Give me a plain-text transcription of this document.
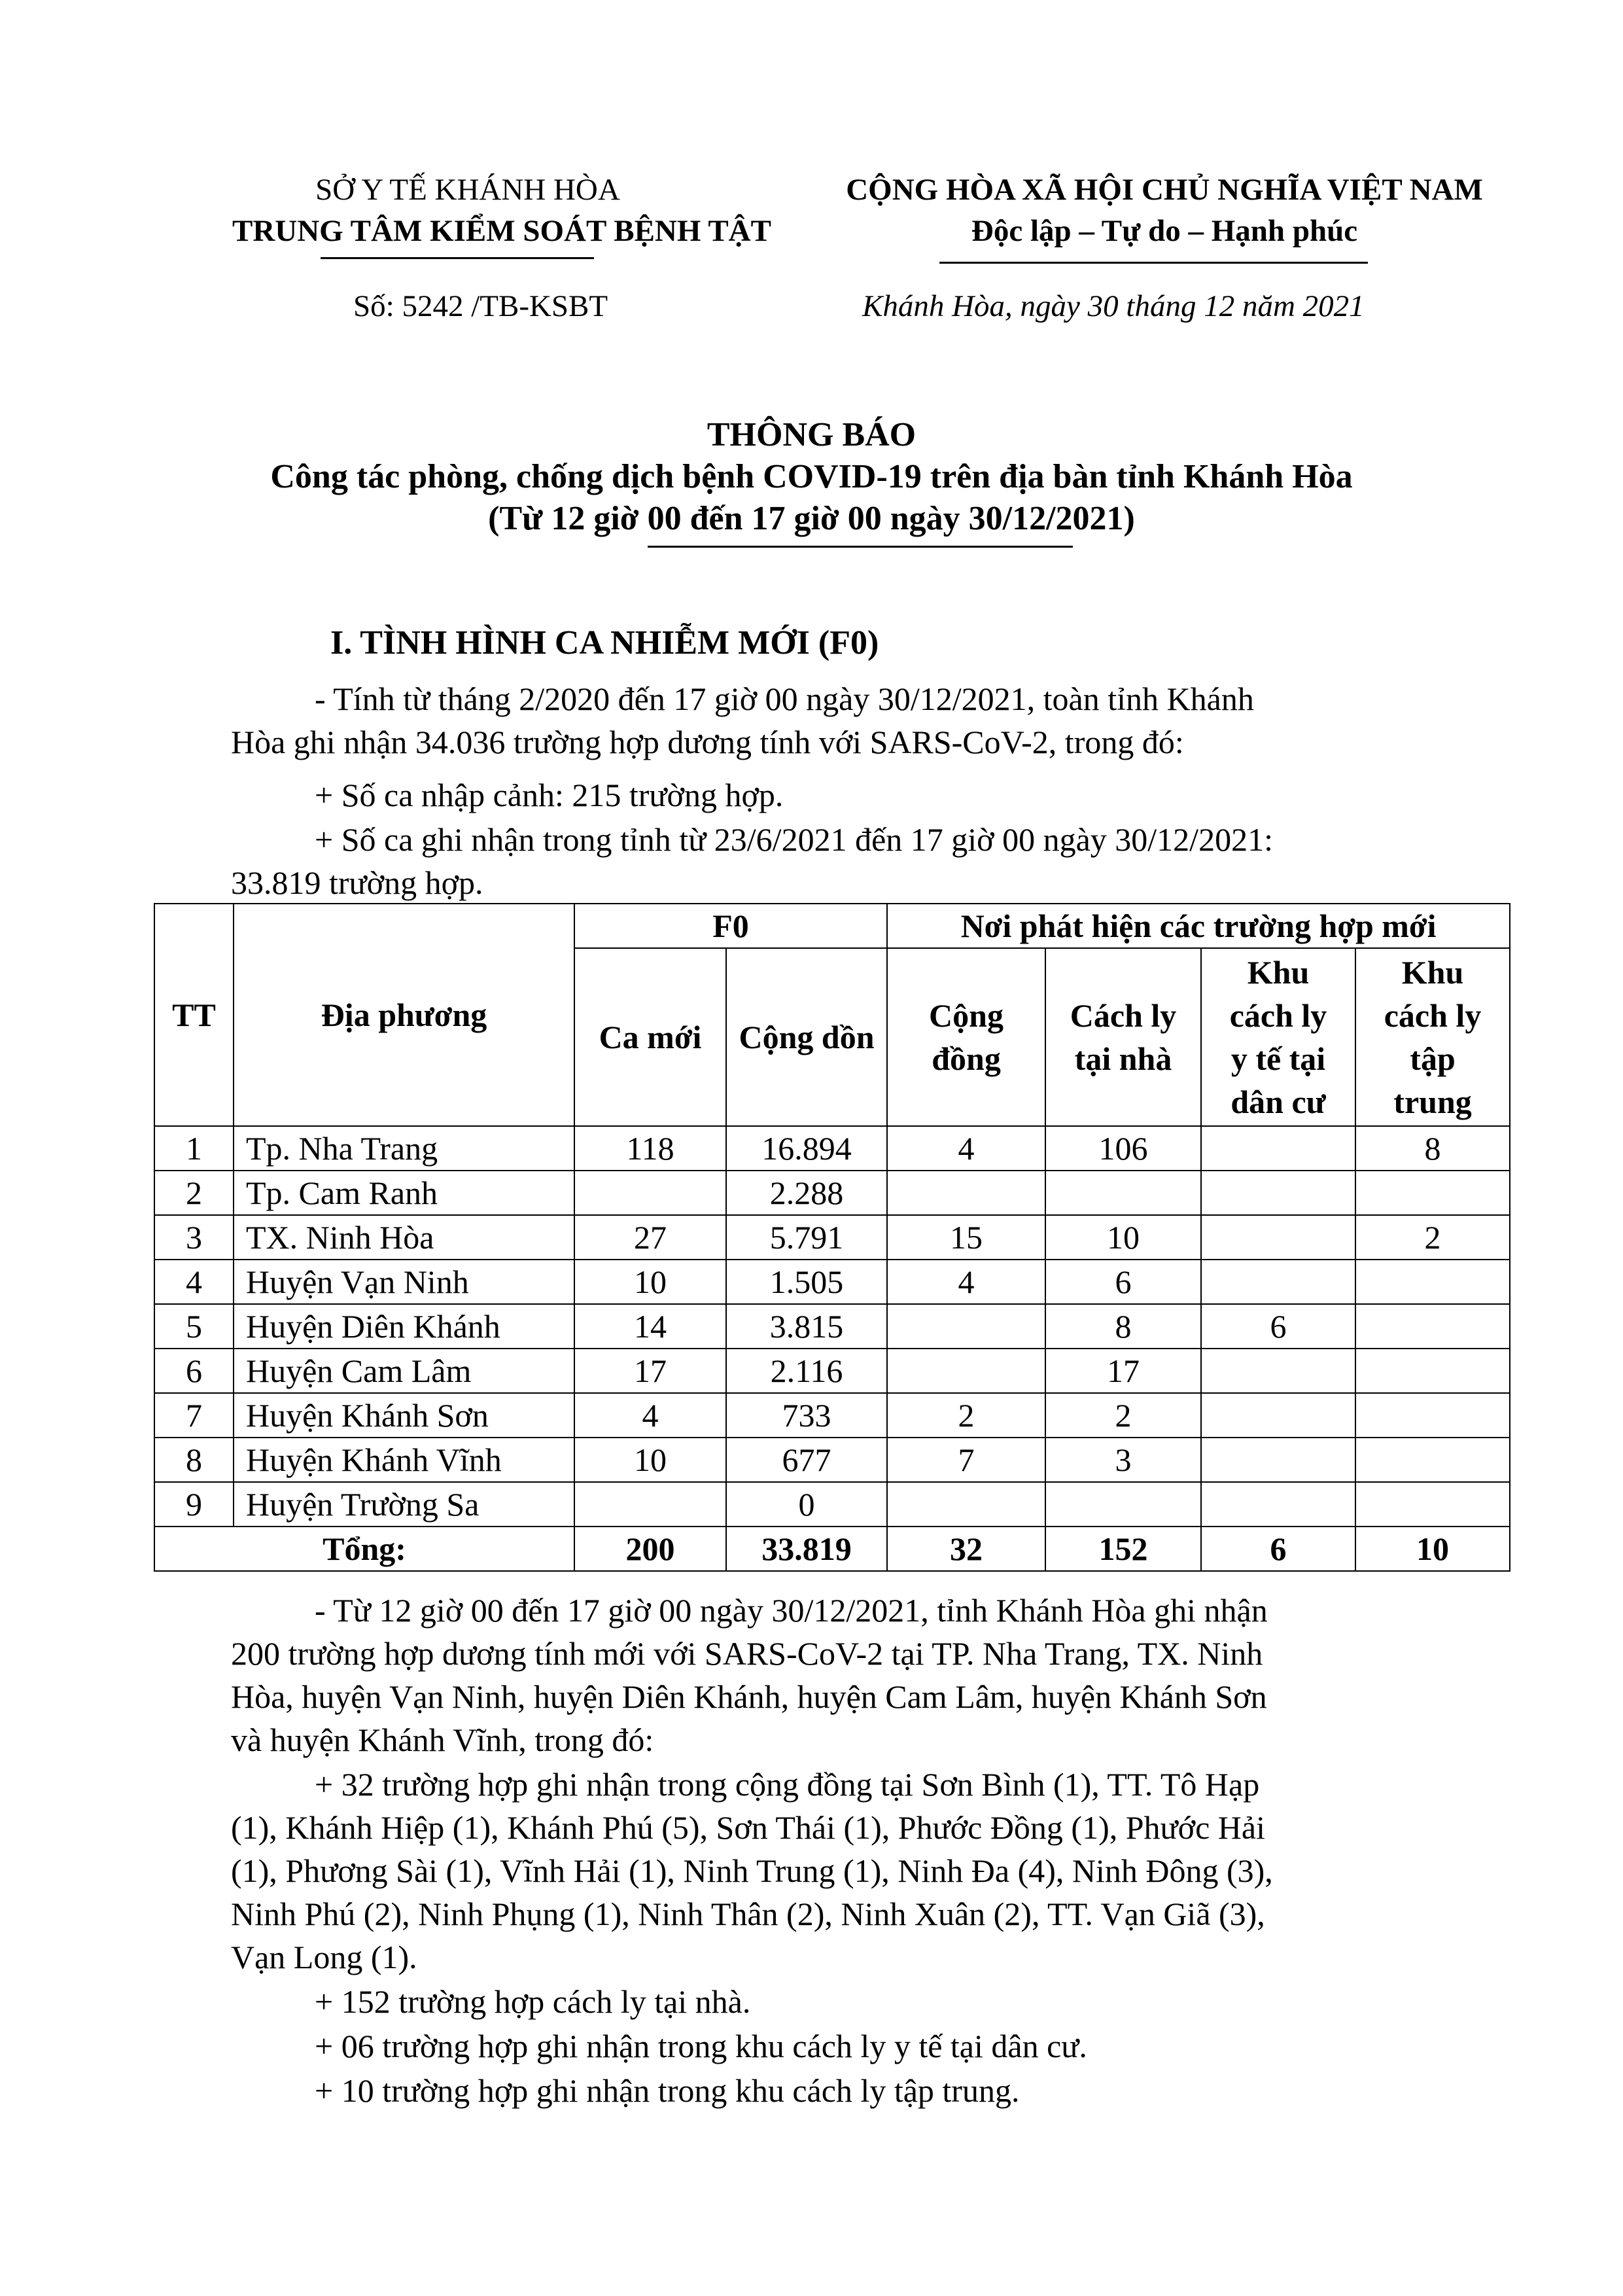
SỞ Y TẾ KHÁNH HÒA
TRUNG TÂM KIỂM SOÁT BỆNH TẬT
CỘNG HÒA XÃ HỘI CHỦ NGHĨA VIỆT NAM
Độc lập – Tự do – Hạnh phúc
Số: 5242 /TB-KSBT	Khánh Hòa, ngày 30 tháng 12 năm 2021
THÔNG BÁO
Công tác phòng, chống dịch bệnh COVID-19 trên địa bàn tỉnh Khánh Hòa
(Từ 12 giờ 00 đến 17 giờ 00 ngày 30/12/2021)
I. TÌNH HÌNH CA NHIỄM MỚI (F0)
- Tính từ tháng 2/2020 đến 17 giờ 00 ngày 30/12/2021, toàn tỉnh Khánh
Hòa ghi nhận 34.036 trường hợp dương tính với SARS-CoV-2, trong đó:
+ Số ca nhập cảnh: 215 trường hợp.
+ Số ca ghi nhận trong tỉnh từ 23/6/2021 đến 17 giờ 00 ngày 30/12/2021:
33.819 trường hợp.
TT	Địa phương	F0		Nơi phát hiện các trường hợp mới			
		Ca mới	Cộng dồn	Cộng đồng	Cách ly tại nhà	Khu cách ly y tế tại dân cư	Khu cách ly tập trung
1	Tp. Nha Trang	118	16.894	4	106		8
2	Tp. Cam Ranh		2.288				
3	TX. Ninh Hòa	27	5.791	15	10		2
4	Huyện Vạn Ninh	10	1.505	4	6		
5	Huyện Diên Khánh	14	3.815		8	6	
6	Huyện Cam Lâm	17	2.116		17		
7	Huyện Khánh Sơn	4	733	2	2		
8	Huyện Khánh Vĩnh	10	677	7	3		
9	Huyện Trường Sa		0				
Tổng:		200	33.819	32	152	6	10
- Từ 12 giờ 00 đến 17 giờ 00 ngày 30/12/2021, tỉnh Khánh Hòa ghi nhận
200 trường hợp dương tính mới với SARS-CoV-2 tại TP. Nha Trang, TX. Ninh
Hòa, huyện Vạn Ninh, huyện Diên Khánh, huyện Cam Lâm, huyện Khánh Sơn
và huyện Khánh Vĩnh, trong đó:
+ 32 trường hợp ghi nhận trong cộng đồng tại Sơn Bình (1), TT. Tô Hạp
(1), Khánh Hiệp (1), Khánh Phú (5), Sơn Thái (1), Phước Đồng (1), Phước Hải
(1), Phương Sài (1), Vĩnh Hải (1), Ninh Trung (1), Ninh Đa (4), Ninh Đông (3),
Ninh Phú (2), Ninh Phụng (1), Ninh Thân (2), Ninh Xuân (2), TT. Vạn Giã (3),
Vạn Long (1).
+ 152 trường hợp cách ly tại nhà.
+ 06 trường hợp ghi nhận trong khu cách ly y tế tại dân cư.
+ 10 trường hợp ghi nhận trong khu cách ly tập trung.
